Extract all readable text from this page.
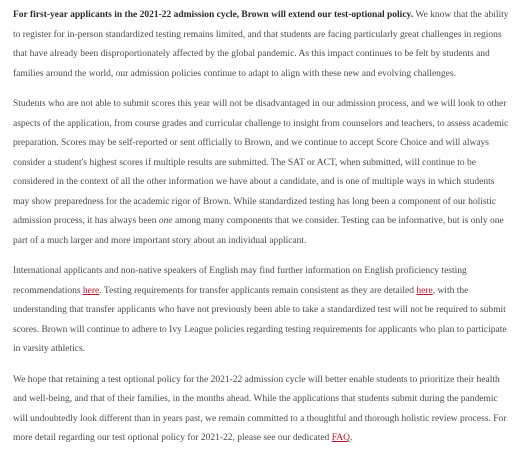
For first-year applicants in the 2021-22 admission cycle, Brown will extend our test-optional policy. We know that the ability to register for in-person standardized testing remains limited, and that students are facing particularly great challenges in regions that have already been disproportionately affected by the global pandemic. As this impact continues to be felt by students and families around the world, our admission policies continue to adapt to align with these new and evolving challenges.

Students who are not able to submit scores this year will not be disadvantaged in our admission process, and we will look to other aspects of the application, from course grades and curricular challenge to insight from counselors and teachers, to assess academic preparation. Scores may be self-reported or sent officially to Brown, and we continue to accept Score Choice and will always consider a student's highest scores if multiple results are submitted. The SAT or ACT, when submitted, will continue to be considered in the context of all the other information we have about a candidate, and is one of multiple ways in which students may show preparedness for the academic rigor of Brown. While standardized testing has long been a component of our holistic admission process, it has always been one among many components that we consider. Testing can be informative, but is only one part of a much larger and more important story about an individual applicant.

International applicants and non-native speakers of English may find further information on English proficiency testing recommendations here. Testing requirements for transfer applicants remain consistent as they are detailed here, with the understanding that transfer applicants who have not previously been able to take a standardized test will not be required to submit scores. Brown will continue to adhere to Ivy League policies regarding testing requirements for applicants who plan to participate in varsity athletics.

We hope that retaining a test optional policy for the 2021-22 admission cycle will better enable students to prioritize their health and well-being, and that of their families, in the months ahead. While the applications that students submit during the pandemic will undoubtedly look different than in years past, we remain committed to a thoughtful and thorough holistic review process. For more detail regarding our test optional policy for 2021-22, please see our dedicated FAQ.
